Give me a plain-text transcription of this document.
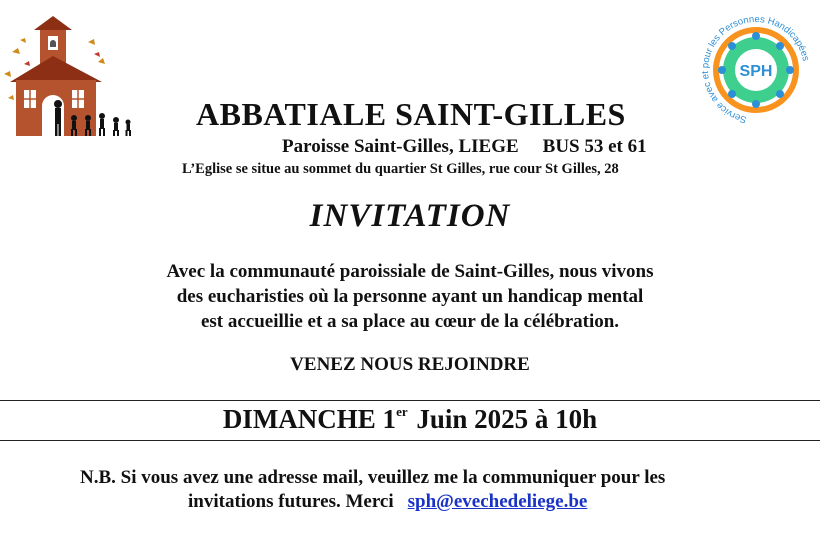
SPH
Service avec et pour les Personnes Handicapées
ABBATIALE SAINT-GILLES
Paroisse Saint-Gilles, LIEGE BUS 53 et 61
L’Eglise se situe au sommet du quartier St Gilles, rue cour St Gilles, 28
INVITATION
Avec la communauté paroissiale de Saint-Gilles, nous vivons
des eucharisties où la personne ayant un handicap mental
est accueillie et a sa place au cœur de la célébration.
VENEZ NOUS REJOINDRE
DIMANCHE 1er Juin 2025 à 10h
N.B. Si vous avez une adresse mail, veuillez me la communiquer pour les
invitations futures. Merci sph@evechedeliege.be
